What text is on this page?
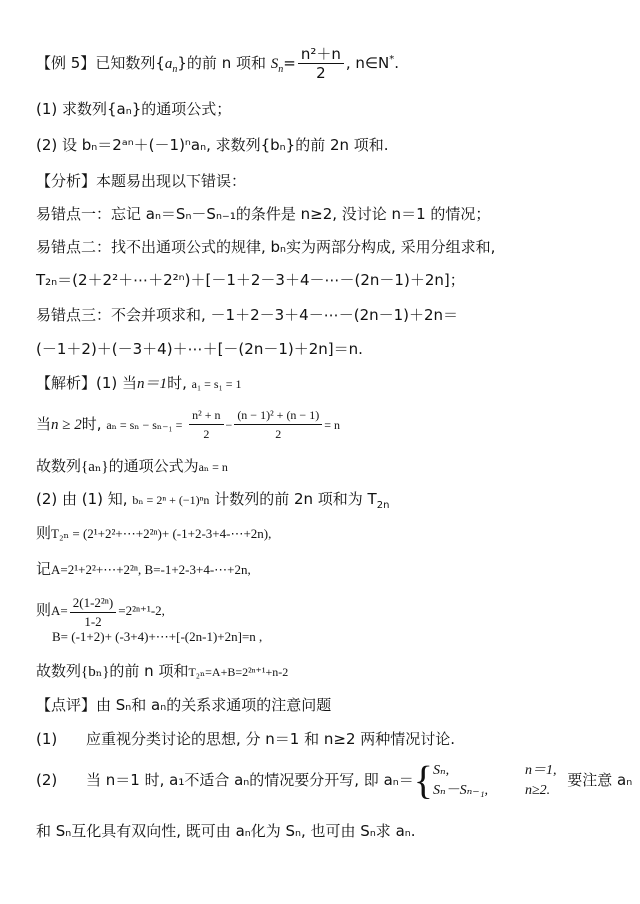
【例 5】已知数列$\{a_n\}$的前 n 项和 $S_n= \frac{\text{n²＋n}}{2}$ , n∈N*.
(1) 求数列{aₙ}的通项公式；
(2) 设 bₙ＝2ᵃⁿ＋(－1)ⁿaₙ, 求数列{bₙ}的前 2n 项和.
【分析】本题易出现以下错误：
易错点一：忘记 aₙ＝Sₙ－Sₙ₋₁的条件是 n≥2, 没讨论 n＝1 的情况；
易错点二：找不出通项公式的规律, bₙ实为两部分构成, 采用分组求和,
T₂ₙ＝(2＋2²＋⋯＋2²ⁿ)＋[－1＋2－3＋4－⋯－(2n－1)＋2n]；
易错点三：不会并项求和, －1＋2－3＋4－⋯－(2n－1)＋2n＝
(－1＋2)＋(－3＋4)＋⋯＋[－(2n－1)＋2n]＝n.
【解析】(1) 当n＝1时, a₁ = s₁ = 1
当n ≥ 2时, $a_n = s_n - s_{n-1} = \frac{\text{n² + n}}{2} - \frac{\text{(n − 1)² + (n − 1)}}{2} = n$
故数列{aₙ}的通项公式为aₙ = n
(2) 由 (1) 知, bₙ = 2ⁿ + (−1)ⁿn 计数列的前 2n 项和为 $T_{2n}$
则T₂ₙ = (2¹+2²+⋯+2²ⁿ)+ (-1+2-3+4-⋯+2n),
记A=2¹+2²+⋯+2²ⁿ, B=-1+2-3+4-⋯+2n,
则$A= \frac{\text{2(1-2²ⁿ)}}{1-2} =2^{2n+1}-2$,
B= (-1+2)+ (-3+4)+⋯+[-(2n-1)+2n]=n ,
故数列{bₙ}的前 n 项和T₂ₙ=A+B=2²ⁿ⁺¹+n-2
【点评】由 Sₙ和 aₙ的关系求通项的注意问题
(1) 应重视分类讨论的思想, 分 n＝1 和 n≥2 两种情况讨论.
(2) 当 n＝1 时, a₁不适合 aₙ的情况要分开写, 即 aₙ＝{ Sₙ,	n＝1,
Sₙ－Sₙ₋₁,	n≥2.
要注意 aₙ
和 Sₙ互化具有双向性, 既可由 aₙ化为 Sₙ, 也可由 Sₙ求 aₙ.
